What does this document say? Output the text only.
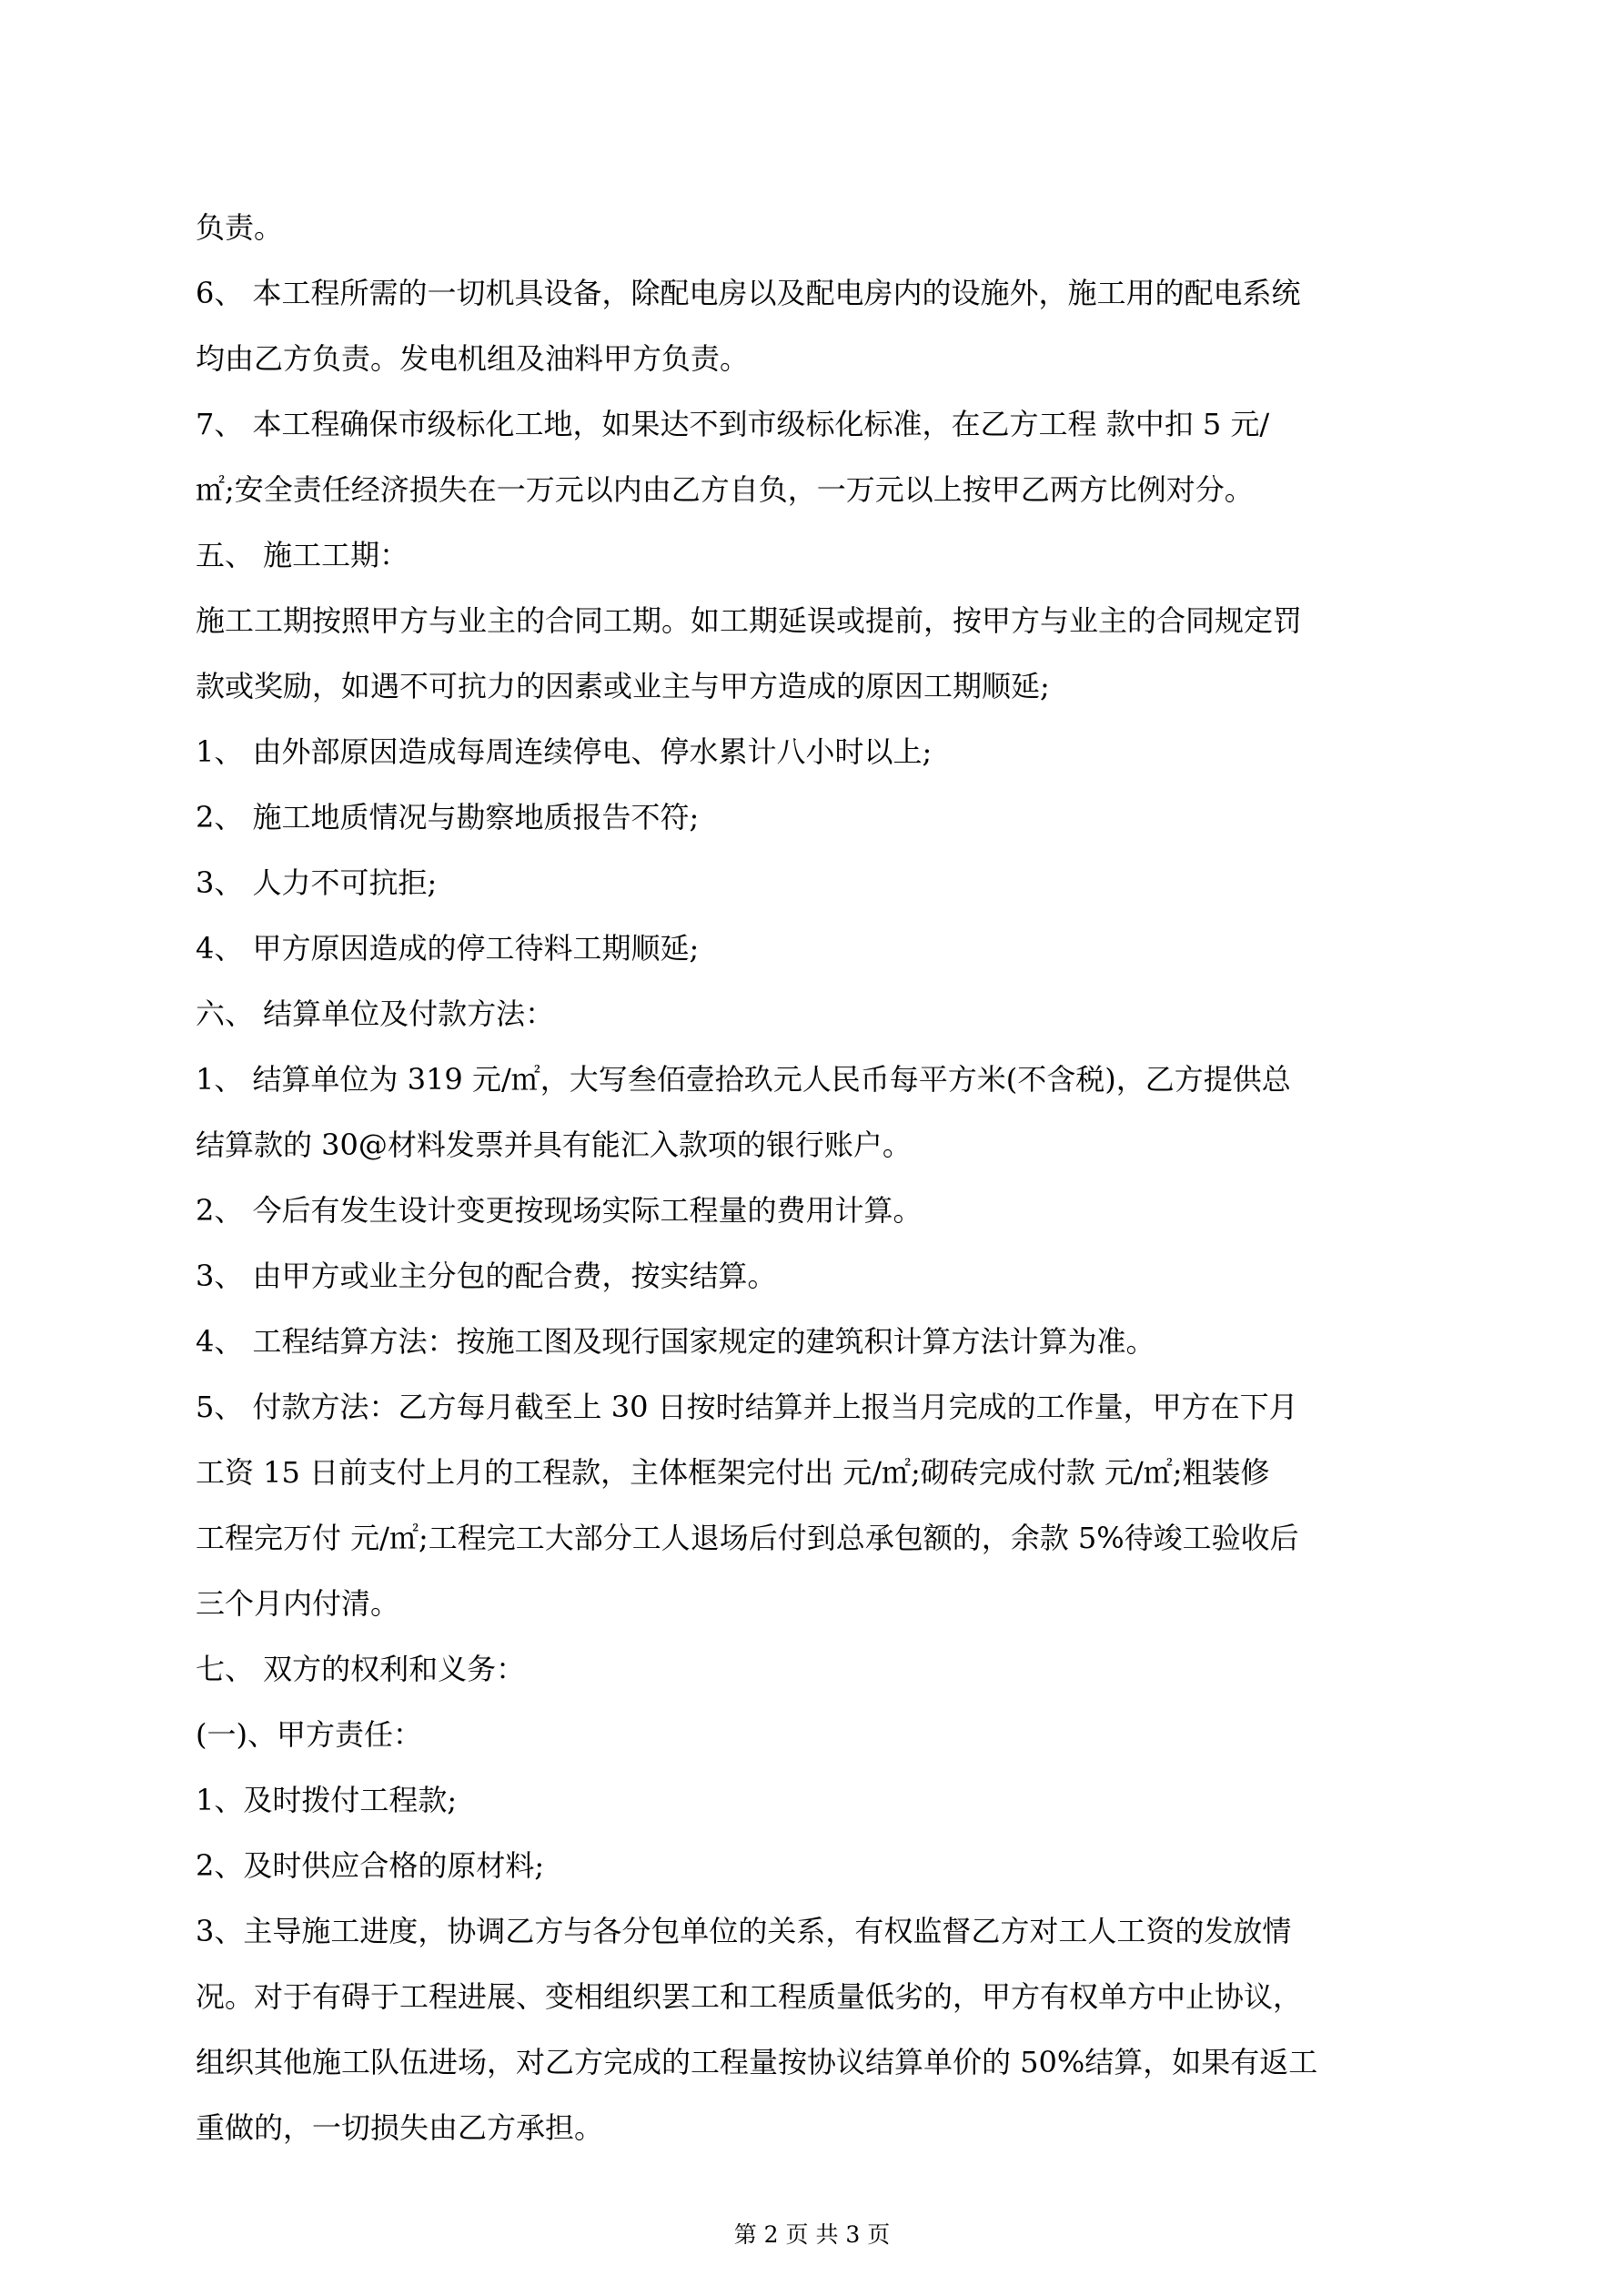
负责。
6、 本工程所需的一切机具设备，除配电房以及配电房内的设施外，施工用的配电系统
均由乙方负责。发电机组及油料甲方负责。
7、 本工程确保市级标化工地，如果达不到市级标化标准，在乙方工程 款中扣 5 元/
㎡;安全责任经济损失在一万元以内由乙方自负，一万元以上按甲乙两方比例对分。
五、 施工工期：
施工工期按照甲方与业主的合同工期。如工期延误或提前，按甲方与业主的合同规定罚
款或奖励，如遇不可抗力的因素或业主与甲方造成的原因工期顺延;
1、 由外部原因造成每周连续停电、停水累计八小时以上;
2、 施工地质情况与勘察地质报告不符;
3、 人力不可抗拒;
4、 甲方原因造成的停工待料工期顺延;
六、 结算单位及付款方法：
1、 结算单位为 319 元/㎡，大写叁佰壹拾玖元人民币每平方米(不含税)，乙方提供总
结算款的 30@材料发票并具有能汇入款项的银行账户。
2、 今后有发生设计变更按现场实际工程量的费用计算。
3、 由甲方或业主分包的配合费，按实结算。
4、 工程结算方法：按施工图及现行国家规定的建筑积计算方法计算为准。
5、 付款方法：乙方每月截至上 30 日按时结算并上报当月完成的工作量，甲方在下月
工资 15 日前支付上月的工程款，主体框架完付出 元/㎡;砌砖完成付款 元/㎡;粗装修
工程完万付 元/㎡;工程完工大部分工人退场后付到总承包额的，余款 5%待竣工验收后
三个月内付清。
七、 双方的权利和义务：
(一)、甲方责任：
1、及时拨付工程款;
2、及时供应合格的原材料;
3、主导施工进度，协调乙方与各分包单位的关系，有权监督乙方对工人工资的发放情
况。对于有碍于工程进展、变相组织罢工和工程质量低劣的，甲方有权单方中止协议，
组织其他施工队伍进场，对乙方完成的工程量按协议结算单价的 50%结算，如果有返工
重做的，一切损失由乙方承担。
第 2 页 共 3 页
